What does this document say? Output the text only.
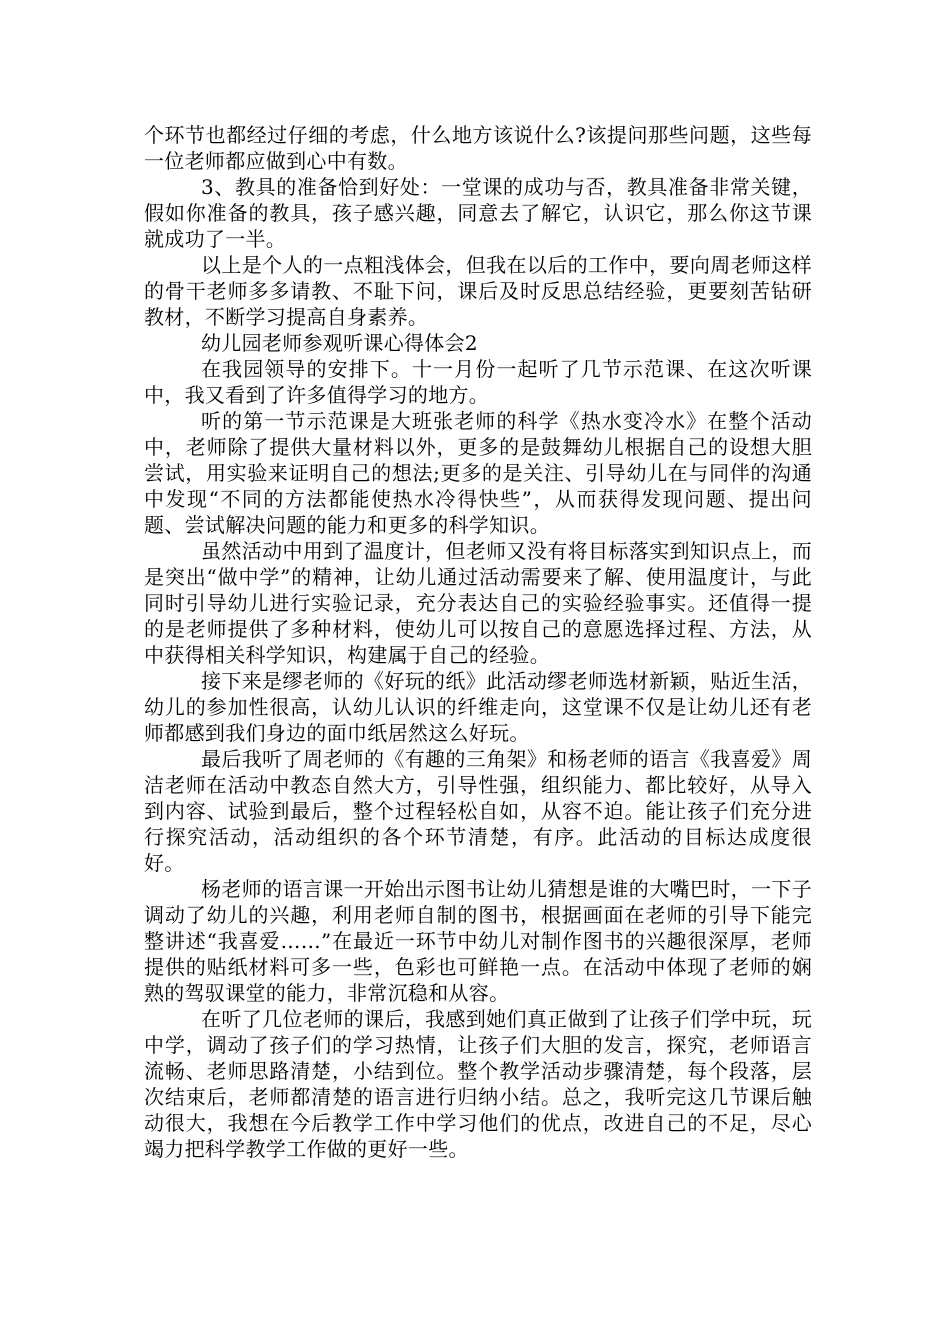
个环节也都经过仔细的考虑，什么地方该说什么?该提问那些问题，这些每一位老师都应做到心中有数。

3、教具的准备恰到好处：一堂课的成功与否，教具准备非常关键，假如你准备的教具，孩子感兴趣，同意去了解它，认识它，那么你这节课就成功了一半。

以上是个人的一点粗浅体会，但我在以后的工作中，要向周老师这样的骨干老师多多请教、不耻下问，课后及时反思总结经验，更要刻苦钻研教材，不断学习提高自身素养。

幼儿园老师参观听课心得体会2

在我园领导的安排下。十一月份一起听了几节示范课、在这次听课中，我又看到了许多值得学习的地方。

听的第一节示范课是大班张老师的科学《热水变冷水》在整个活动中，老师除了提供大量材料以外，更多的是鼓舞幼儿根据自己的设想大胆尝试，用实验来证明自己的想法;更多的是关注、引导幼儿在与同伴的沟通中发现“不同的方法都能使热水冷得快些”，从而获得发现问题、提出问题、尝试解决问题的能力和更多的科学知识。

虽然活动中用到了温度计，但老师又没有将目标落实到知识点上，而是突出“做中学”的精神，让幼儿通过活动需要来了解、使用温度计，与此同时引导幼儿进行实验记录，充分表达自己的实验经验事实。还值得一提的是老师提供了多种材料，使幼儿可以按自己的意愿选择过程、方法，从中获得相关科学知识，构建属于自己的经验。

接下来是缪老师的《好玩的纸》此活动缪老师选材新颖，贴近生活，幼儿的参加性很高，认幼儿认识的纤维走向，这堂课不仅是让幼儿还有老师都感到我们身边的面巾纸居然这么好玩。

最后我听了周老师的《有趣的三角架》和杨老师的语言《我喜爱》周洁老师在活动中教态自然大方，引导性强，组织能力、都比较好，从导入到内容、试验到最后，整个过程轻松自如，从容不迫。能让孩子们充分进行探究活动，活动组织的各个环节清楚，有序。此活动的目标达成度很好。

杨老师的语言课一开始出示图书让幼儿猜想是谁的大嘴巴时，一下子调动了幼儿的兴趣，利用老师自制的图书，根据画面在老师的引导下能完整讲述“我喜爱……”在最近一环节中幼儿对制作图书的兴趣很深厚，老师提供的贴纸材料可多一些，色彩也可鲜艳一点。在活动中体现了老师的娴熟的驾驭课堂的能力，非常沉稳和从容。

在听了几位老师的课后，我感到她们真正做到了让孩子们学中玩，玩中学，调动了孩子们的学习热情，让孩子们大胆的发言，探究，老师语言流畅、老师思路清楚，小结到位。整个教学活动步骤清楚，每个段落，层次结束后，老师都清楚的语言进行归纳小结。总之，我听完这几节课后触动很大，我想在今后教学工作中学习他们的优点，改进自己的不足，尽心竭力把科学教学工作做的更好一些。
